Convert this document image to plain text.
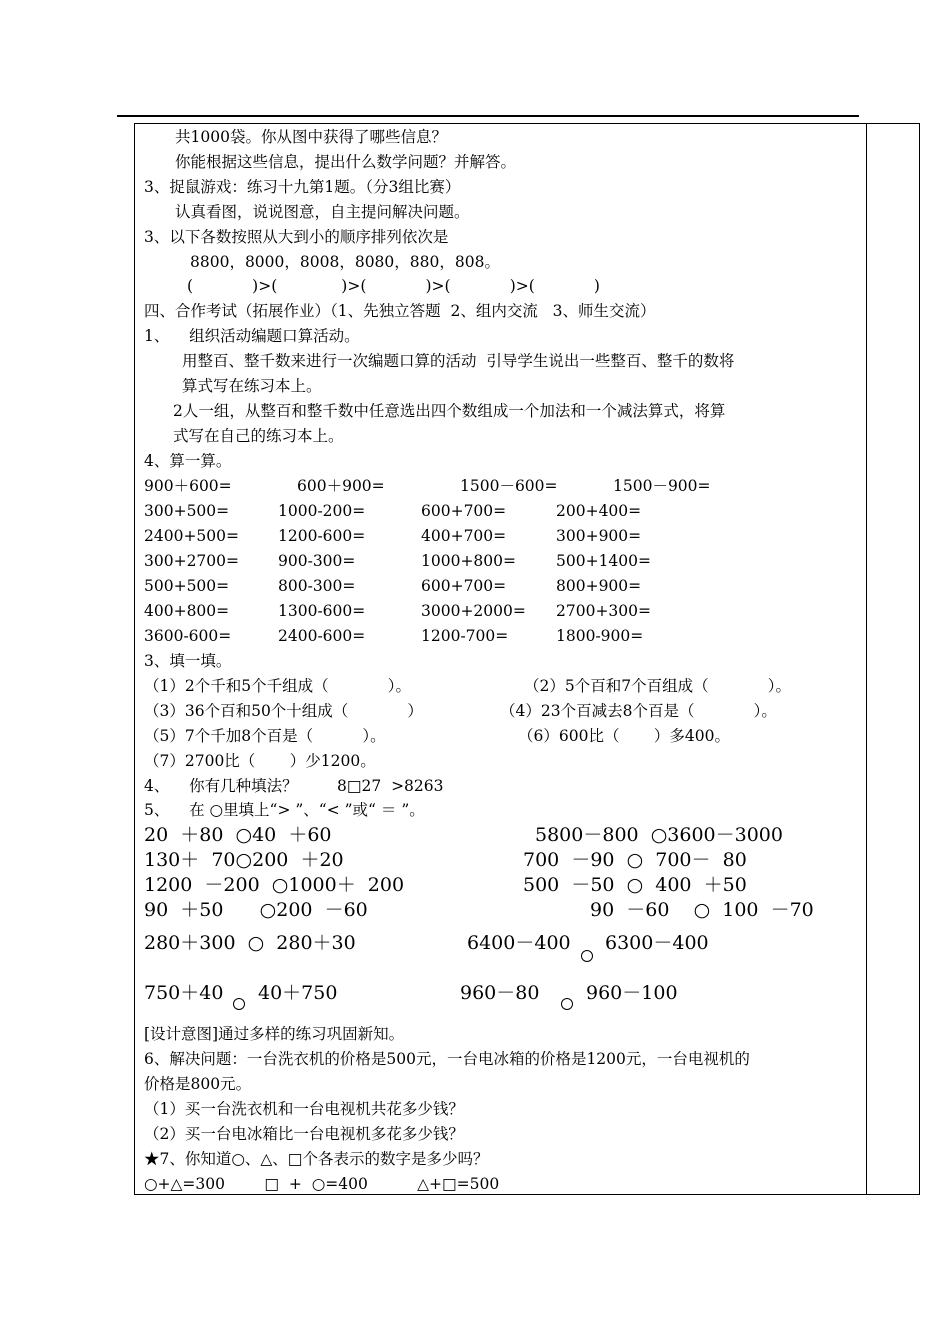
共1000袋。你从图中获得了哪些信息？
你能根据这些信息，提出什么数学问题？并解答。
3、捉鼠游戏：练习十九第1题。（分3组比赛）
认真看图，说说图意，自主提问解决问题。
3、以下各数按照从大到小的顺序排列依次是
8800，8000，8008，8080，880，808。
(            )>(             )>(            )>(            )>(            )
四、合作考试（拓展作业）（1、先独立答题  2、组内交流   3、师生交流）
1、    组织活动编题口算活动。
用整百、整千数来进行一次编题口算的活动  引导学生说出一些整百、整千的数将
算式写在练习本上。
2人一组，从整百和整千数中任意选出四个数组成一个加法和一个减法算式，将算
式写在自己的练习本上。
4、算一算。
900＋600=	600＋900=	1500－600=	1500－900=
300+500=	1000-200=	600+700=	200+400=
2400+500=	1200-600=	400+700=	300+900=
300+2700=	900-300=	1000+800=	500+1400=
500+500=	800-300=	600+700=	800+900=
400+800=	1300-600=	3000+2000= 2700+300=
3600-600=	2400-600=	1200-700=	1800-900=
3、填一填。
（1）2个千和5个千组成（            ）。	（2）5个百和7个百组成（            ）。
（3）36个百和50个十组成（            ）	（4）23个百减去8个百是（            ）。
（5）7个千加8个百是（          ）。	（6）600比（       ）多400。
（7）2700比（       ）少1200。
4、    你有几种填法？        8□27  >8263
5、    在 ○里填上“> ”、“< ”或“ ＝ ”。
[设计意图]通过多样的练习巩固新知。
6、解决问题：一台洗衣机的价格是500元，一台电冰箱的价格是1200元，一台电视机的
价格是800元。
（1）买一台洗衣机和一台电视机共花多少钱？
（2）买一台电冰箱比一台电视机多花多少钱？
★7、你知道○、△、□个各表示的数字是多少吗？
○+△=300        □  +  ○=400          △+□=500
20  ＋80  ○40  ＋60	5800－800  ○3600－3000
130＋  70○200  ＋20	700  －90  ○  700－  80
1200  －200  ○1000＋  200	500  －50  ○  400  ＋50
90  ＋50      ○200  －60	90  －60    ○  100  －70
280＋300  ○  280＋30	6400－400 6300－400
750＋40 40＋750	960－80 960－100
